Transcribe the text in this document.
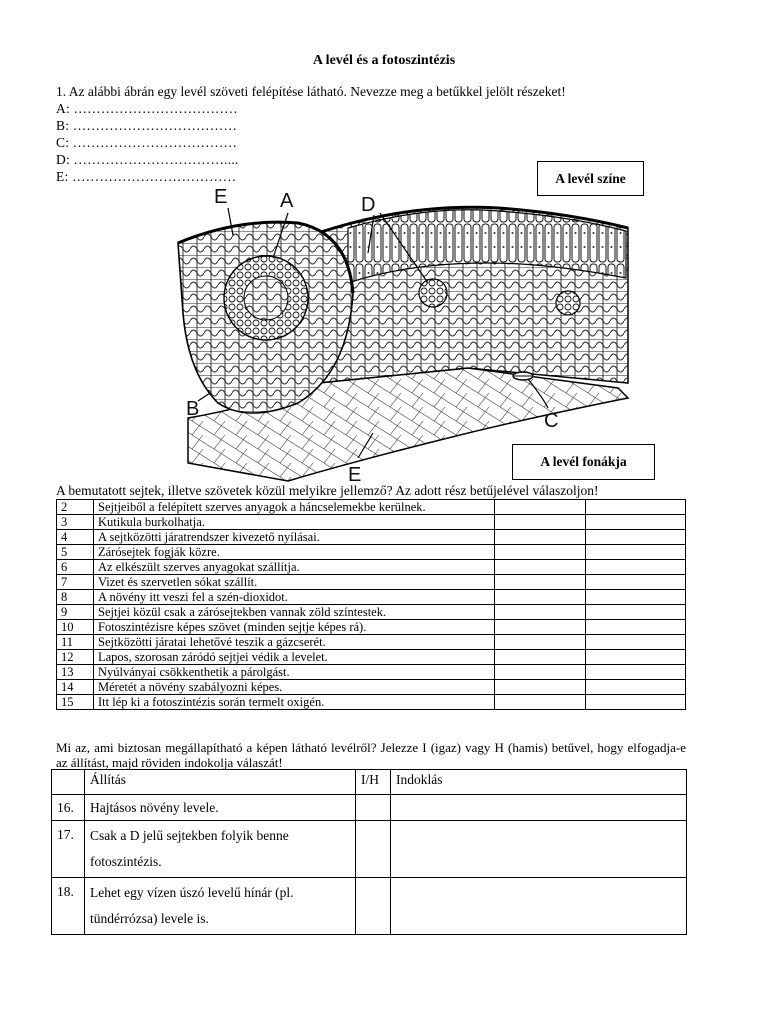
A levél és a fotoszintézis
1. Az alábbi ábrán egy levél szöveti felépítése látható. Nevezze meg a betűkkel jelölt részeket!
A: ………………………………
B: ………………………………
C: ………………………………
D: ……………………………....
E: ………………………………	A levél színe
E	A	D
B
C
E
A levél fonákja
A bemutatott sejtek, illetve szövetek közül melyikre jellemző? Az adott rész betűjelével válaszoljon!
2	Sejtjeiből a felépített szerves anyagok a háncselemekbe kerülnek.		
3	Kutikula burkolhatja.		
4	A sejtközötti járatrendszer kivezető nyílásai.		
5	Zárósejtek fogják közre.		
6	Az elkészült szerves anyagokat szállítja.		
7	Vizet és szervetlen sókat szállít.		
8	A növény itt veszi fel a szén-dioxidot.		
9	Sejtjei közül csak a zárósejtekben vannak zöld színtestek.		
10	Fotoszintézisre képes szövet (minden sejtje képes rá).		
11	Sejtközötti járatai lehetővé teszik a gázcserét.		
12	Lapos, szorosan záródó sejtjei védik a levelet.		
13	Nyúlványai csökkenthetik a párolgást.		
14	Méretét a növény szabályozni képes.		
15	Itt lép ki a fotoszintézis során termelt oxigén.		
Mi az, ami biztosan megállapítható a képen látható levélről? Jelezze I (igaz) vagy H (hamis) betűvel, hogy elfogadja-e az állítást, majd röviden indokolja válaszát!
	Állítás	I/H	Indoklás
16.	Hajtásos növény levele.		
17.	Csak a D jelű sejtekben folyik benne fotoszintézis.		
18.	Lehet egy vízen úszó levelű hínár (pl. tündérrózsa) levele is.		
